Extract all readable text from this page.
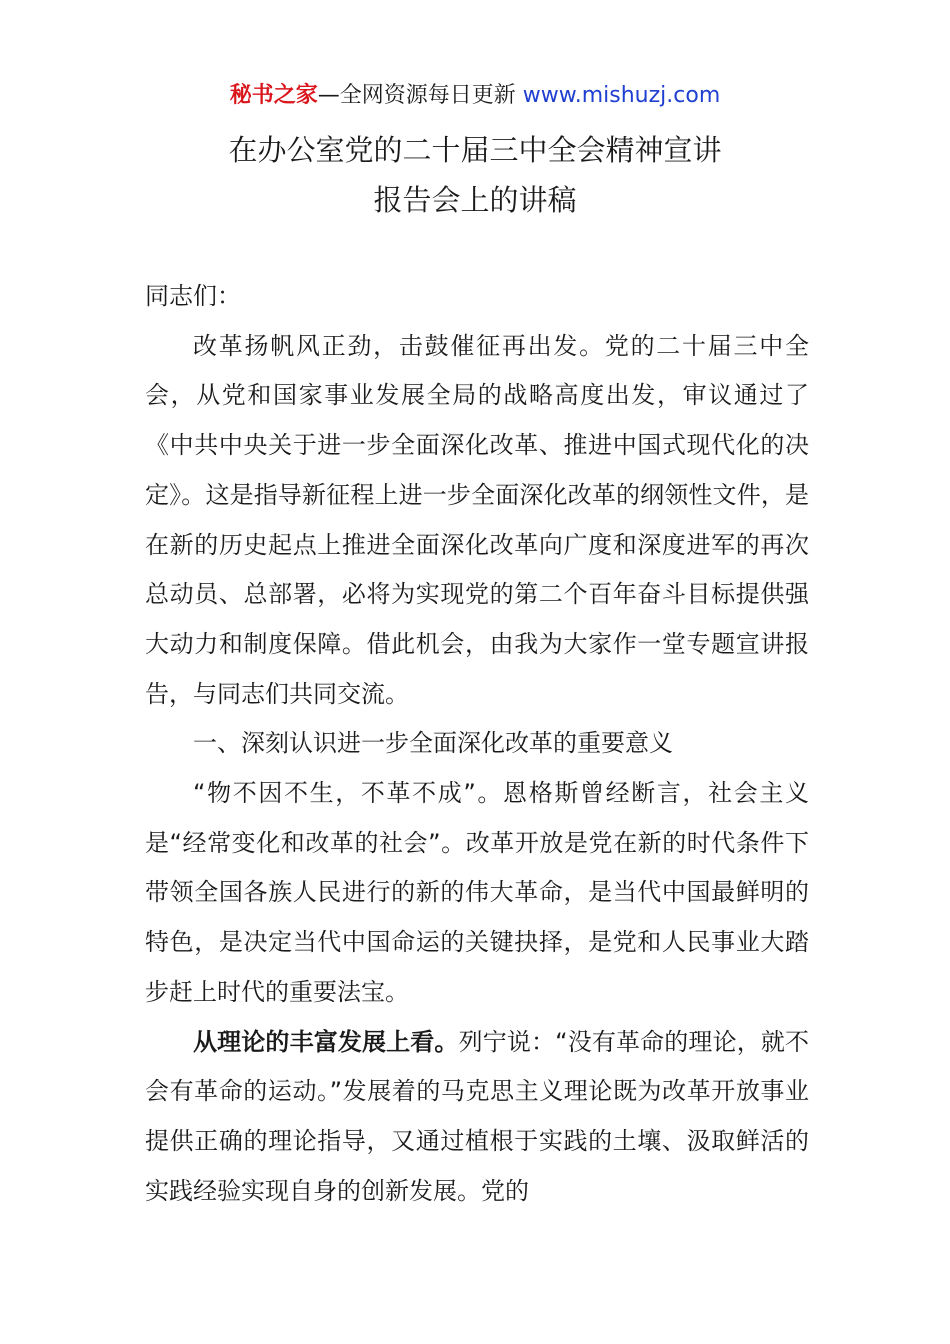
秘书之家—全网资源每日更新 www.mishuzj.com
在办公室党的二十届三中全会精神宣讲
报告会上的讲稿

同志们：

改革扬帆风正劲，击鼓催征再出发。党的二十届三中全会，从党和国家事业发展全局的战略高度出发，审议通过了《中共中央关于进一步全面深化改革、推进中国式现代化的决定》。这是指导新征程上进一步全面深化改革的纲领性文件，是在新的历史起点上推进全面深化改革向广度和深度进军的再次总动员、总部署，必将为实现党的第二个百年奋斗目标提供强大动力和制度保障。借此机会，由我为大家作一堂专题宣讲报告，与同志们共同交流。

一、深刻认识进一步全面深化改革的重要意义

“物不因不生，不革不成”。恩格斯曾经断言，社会主义是“经常变化和改革的社会”。改革开放是党在新的时代条件下带领全国各族人民进行的新的伟大革命，是当代中国最鲜明的特色，是决定当代中国命运的关键抉择，是党和人民事业大踏步赶上时代的重要法宝。

从理论的丰富发展上看。列宁说：“没有革命的理论，就不会有革命的运动。”发展着的马克思主义理论既为改革开放事业提供正确的理论指导，又通过植根于实践的土壤、汲取鲜活的实践经验实现自身的创新发展。党的
